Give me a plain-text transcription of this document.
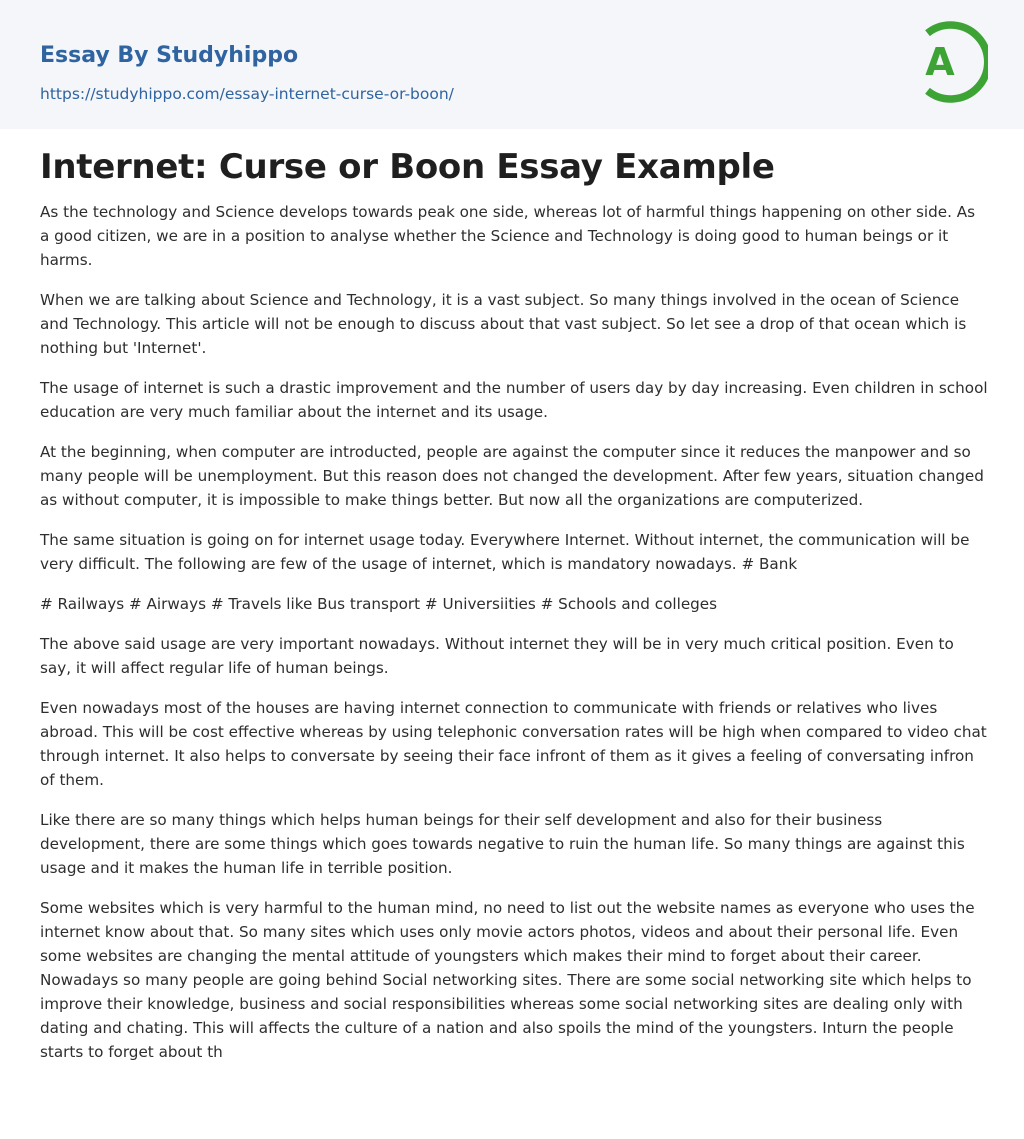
Essay By Studyhippo
https://studyhippo.com/essay-internet-curse-or-boon/
A
Internet: Curse or Boon Essay Example

As the technology and Science develops towards peak one side, whereas lot of harmful things happening on other side. As a good citizen, we are in a position to analyse whether the Science and Technology is doing good to human beings or it harms.

When we are talking about Science and Technology, it is a vast subject. So many things involved in the ocean of Science and Technology. This article will not be enough to discuss about that vast subject. So let see a drop of that ocean which is nothing but 'Internet'.

The usage of internet is such a drastic improvement and the number of users day by day increasing. Even children in school education are very much familiar about the internet and its usage.

At the beginning, when computer are introducted, people are against the computer since it reduces the manpower and so many people will be unemployment. But this reason does not changed the development. After few years, situation changed as without computer, it is impossible to make things better. But now all the organizations are computerized.

The same situation is going on for internet usage today. Everywhere Internet. Without internet, the communication will be very difficult. The following are few of the usage of internet, which is mandatory nowadays. # Bank

# Railways # Airways # Travels like Bus transport # Universiities # Schools and colleges

The above said usage are very important nowadays. Without internet they will be in very much critical position. Even to say, it will affect regular life of human beings.

Even nowadays most of the houses are having internet connection to communicate with friends or relatives who lives abroad. This will be cost effective whereas by using telephonic conversation rates will be high when compared to video chat through internet. It also helps to conversate by seeing their face infront of them as it gives a feeling of conversating infron of them.

Like there are so many things which helps human beings for their self development and also for their business development, there are some things which goes towards negative to ruin the human life. So many things are against this usage and it makes the human life in terrible position.

Some websites which is very harmful to the human mind, no need to list out the website names as everyone who uses the internet know about that. So many sites which uses only movie actors photos, videos and about their personal life. Even some websites are changing the mental attitude of youngsters which makes their mind to forget about their career. Nowadays so many people are going behind Social networking sites. There are some social networking site which helps to improve their knowledge, business and social responsibilities whereas some social networking sites are dealing only with dating and chating. This will affects the culture of a nation and also spoils the mind of the youngsters. Inturn the people starts to forget about th
